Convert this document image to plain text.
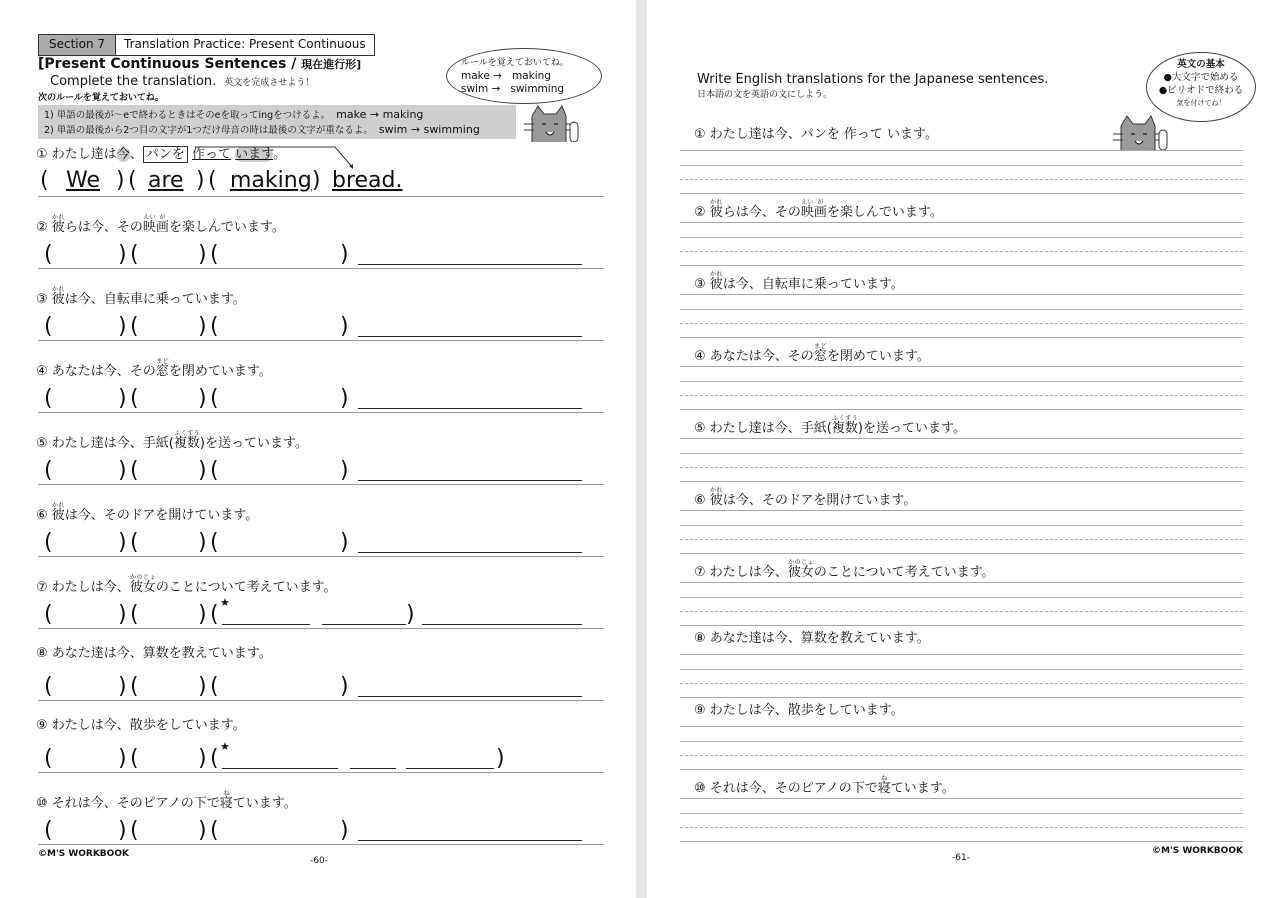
Section 7	Translation Practice: Present Continuous
[Present Continuous Sentences / 現在進行形]
Complete the translation. 英文を完成させよう！
次のルールを覚えておいてね。
1) 単語の最後が～eで終わるときはそのeを取ってingをつけるよ。 make → making
2) 単語の最後から2つ目の文字が1つだけ母音の時は最後の文字が重なるよ。 swim → swimming
ルールを覚えておいてね。
make →   making
swim →   swimming
① わたし達は今、 パンを 作って います。
( We ) ( are ) ( making ) bread.
② 彼かれらは今、その映えい画がを楽しんでいます。
(	) (	) (	)
③ 彼かれは今、自転車に乗っています。
(	) (	) (	)
④ あなたは今、その窓まどを閉めています。
(	) (	) (	)
⑤ わたし達は今、手紙(複ふく数すう)を送っています。
(	) (	) (	)
⑥ 彼かれは今、そのドアを開けています。
(	) (	) (	)
⑦ わたしは今、彼女かのじょのことについて考えています。
(	) (	) ( ★	)
⑧ あなた達は今、算数を教えています。
(	) (	) (	)
⑨ わたしは今、散歩をしています。
(	) (	) ( ★	)
⑩ それは今、そのピアノの下で寝ねています。
(	) (	) (	)
©M'S WORKBOOK
-60-
Write English translations for the Japanese sentences.
日本語の文を英語の文にしよう。
英文の基本
●大文字で始める
●ピリオドで終わる
気を付けてね！
① わたし達は今、パンを 作って います。
② 彼かれらは今、その映えい画がを楽しんでいます。
③ 彼かれは今、自転車に乗っています。
④ あなたは今、その窓まどを閉めています。
⑤ わたし達は今、手紙(複ふく数すう)を送っています。
⑥ 彼かれは今、そのドアを開けています。
⑦ わたしは今、彼女かのじょのことについて考えています。
⑧ あなた達は今、算数を教えています。
⑨ わたしは今、散歩をしています。
⑩ それは今、そのピアノの下で寝ねています。
©M'S WORKBOOK
-61-
